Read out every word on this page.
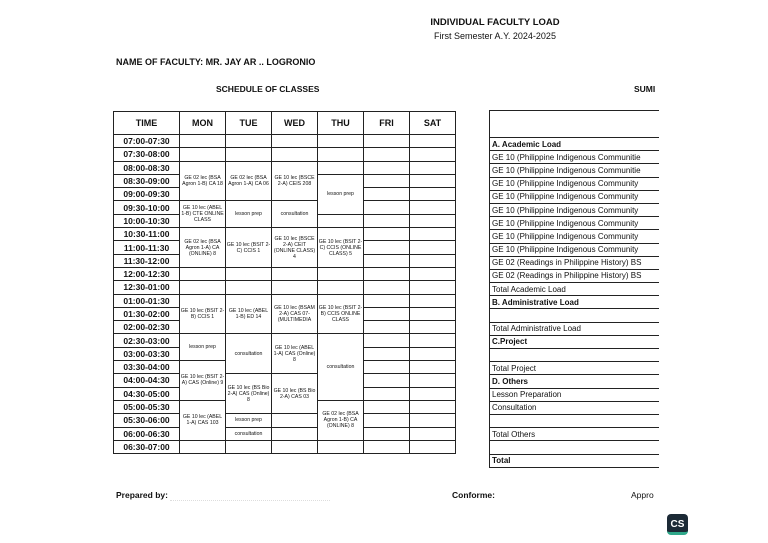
INDIVIDUAL FACULTY LOAD
First Semester A.Y. 2024-2025
NAME OF FACULTY: MR. JAY AR .. LOGRONIO
SCHEDULE OF CLASSES	SUMI
TIME	MON	TUE	WED	THU	FRI	SAT
07:00-07:30						
07:30-08:00						
08:00-08:30	GE 02 lec (BSA Agron 1-B) CA 18	GE 02 lec (BSA Agron 1-A) CA 06	GE 10 lec (BSCE 2-A) CEIS 208			
08:30-09:00				lesson prep		
09:00-09:30						
09:30-10:00	GE 10 lec (ABEL 1-B) CTE ONLINE CLASS	lesson prep	consultation			
10:00-10:30						
10:30-11:00	GE 02 lec (BSA Agron 1-A) CA (ONLINE) 8	GE 10 lec (BSIT 2-C) CCIS 1	GE 10 lec (BSCE 2-A) CEIT (ONLINE CLASS) 4	GE 10 lec (BSIT 2-C) CCIS (ONLINE CLASS) 5		
11:00-11:30						
11:30-12:00						
12:00-12:30						
12:30-01:00						
01:00-01:30	GE 10 lec (BSIT 2-B) CCIS 1	GE 10 lec (ABEL 1-B) ED 14	GE 10 lec (BSAM 2-A) CAS 07- (MULTIMEDIA	GE 10 lec (BSIT 2-B) CCIS ONLINE CLASS		
01:30-02:00						
02:00-02:30						
02:30-03:00	lesson prep	consultation	GE 10 lec (ABEL 1-A) CAS (Online) 8	consultation		
03:00-03:30						
03:30-04:00	GE 10 lec (BSIT 2-A) CAS (Online) 9					
04:00-04:30		GE 10 lec (BS Bio 2-A) CAS (Online) 8	GE 10 lec (BS Bio 2-A) CAS 03			
04:30-05:00						
05:00-05:30	GE 10 lec (ABEL 1-A) CAS 103			GE 02 lec (BSA Agron 1-B) CA (ONLINE) 8		
05:30-06:00		lesson prep				
06:00-06:30		consultation				
06:30-07:00						

A. Academic Load
GE 10 (Philippine Indigenous Communitie
GE 10 (Philippine Indigenous Communitie
GE 10 (Philippine Indigenous Community
GE 10 (Philippine Indigenous Community
GE 10 (Philippine Indigenous Community
GE 10 (Philippine Indigenous Community
GE 10 (Philippine Indigenous Community
GE 10 (Philippine Indigenous Community
GE 02 (Readings in Philippine History) BS
GE 02 (Readings in Philippine History) BS
Total Academic Load
B. Administrative Load

Total Administrative Load
C.Project

Total Project
D. Others
Lesson Preparation
Consultation

Total Others

Total
Prepared by:	Conforme:	Appro
CS
